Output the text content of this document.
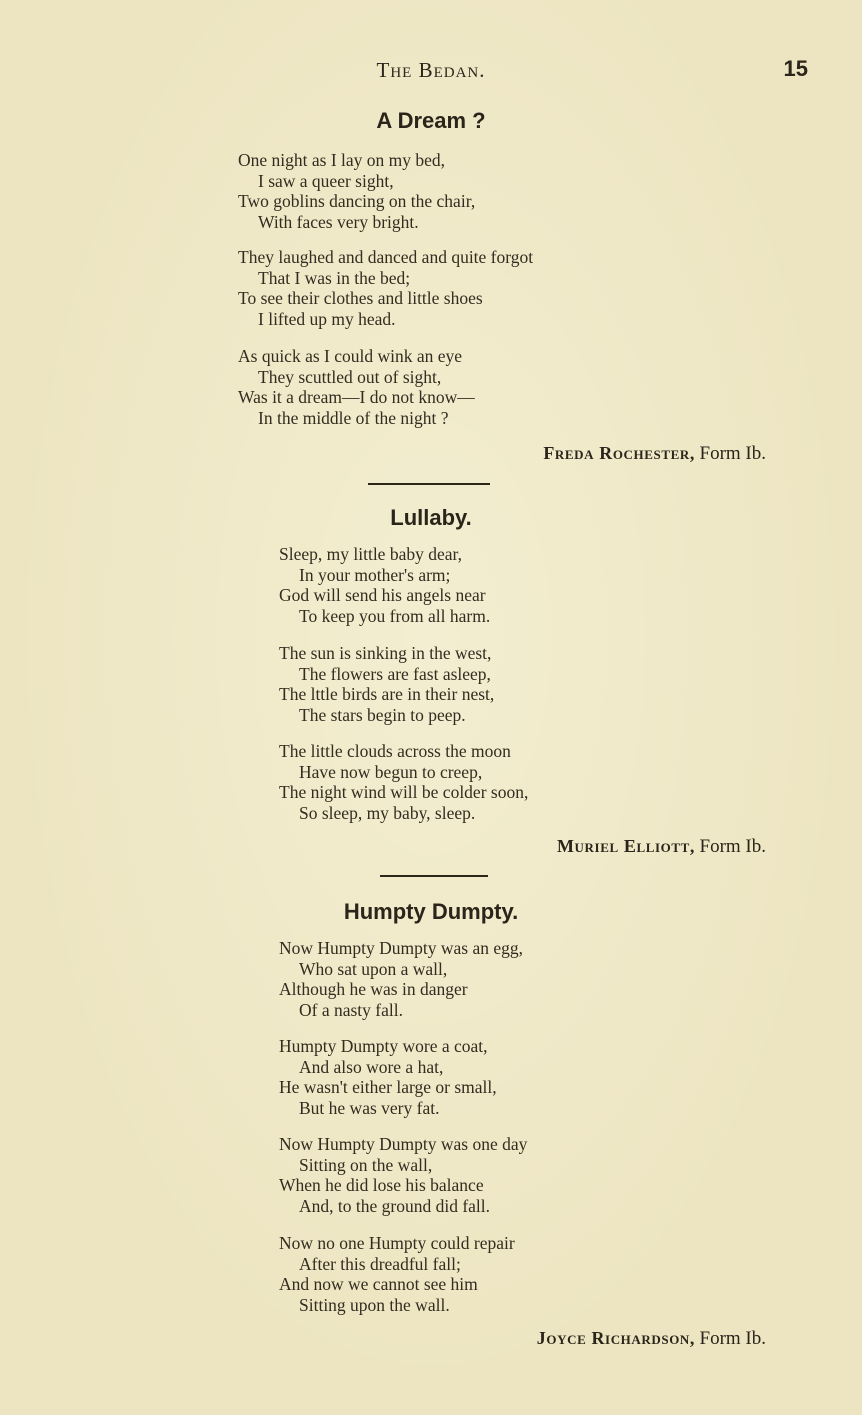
The Bedan.	15
A Dream ?
One night as I lay on my bed,
I saw a queer sight,
Two goblins dancing on the chair,
With faces very bright.
They laughed and danced and quite forgot
That I was in the bed;
To see their clothes and little shoes
I lifted up my head.
As quick as I could wink an eye
They scuttled out of sight,
Was it a dream—I do not know—
In the middle of the night ?
Freda Rochester, Form Ib.
Lullaby.
Sleep, my little baby dear,
In your mother's arm;
God will send his angels near
To keep you from all harm.
The sun is sinking in the west,
The flowers are fast asleep,
The lttle birds are in their nest,
The stars begin to peep.
The little clouds across the moon
Have now begun to creep,
The night wind will be colder soon,
So sleep, my baby, sleep.
Muriel Elliott, Form Ib.
Humpty Dumpty.
Now Humpty Dumpty was an egg,
Who sat upon a wall,
Although he was in danger
Of a nasty fall.
Humpty Dumpty wore a coat,
And also wore a hat,
He wasn't either large or small,
But he was very fat.
Now Humpty Dumpty was one day
Sitting on the wall,
When he did lose his balance
And, to the ground did fall.
Now no one Humpty could repair
After this dreadful fall;
And now we cannot see him
Sitting upon the wall.
Joyce Richardson, Form Ib.
